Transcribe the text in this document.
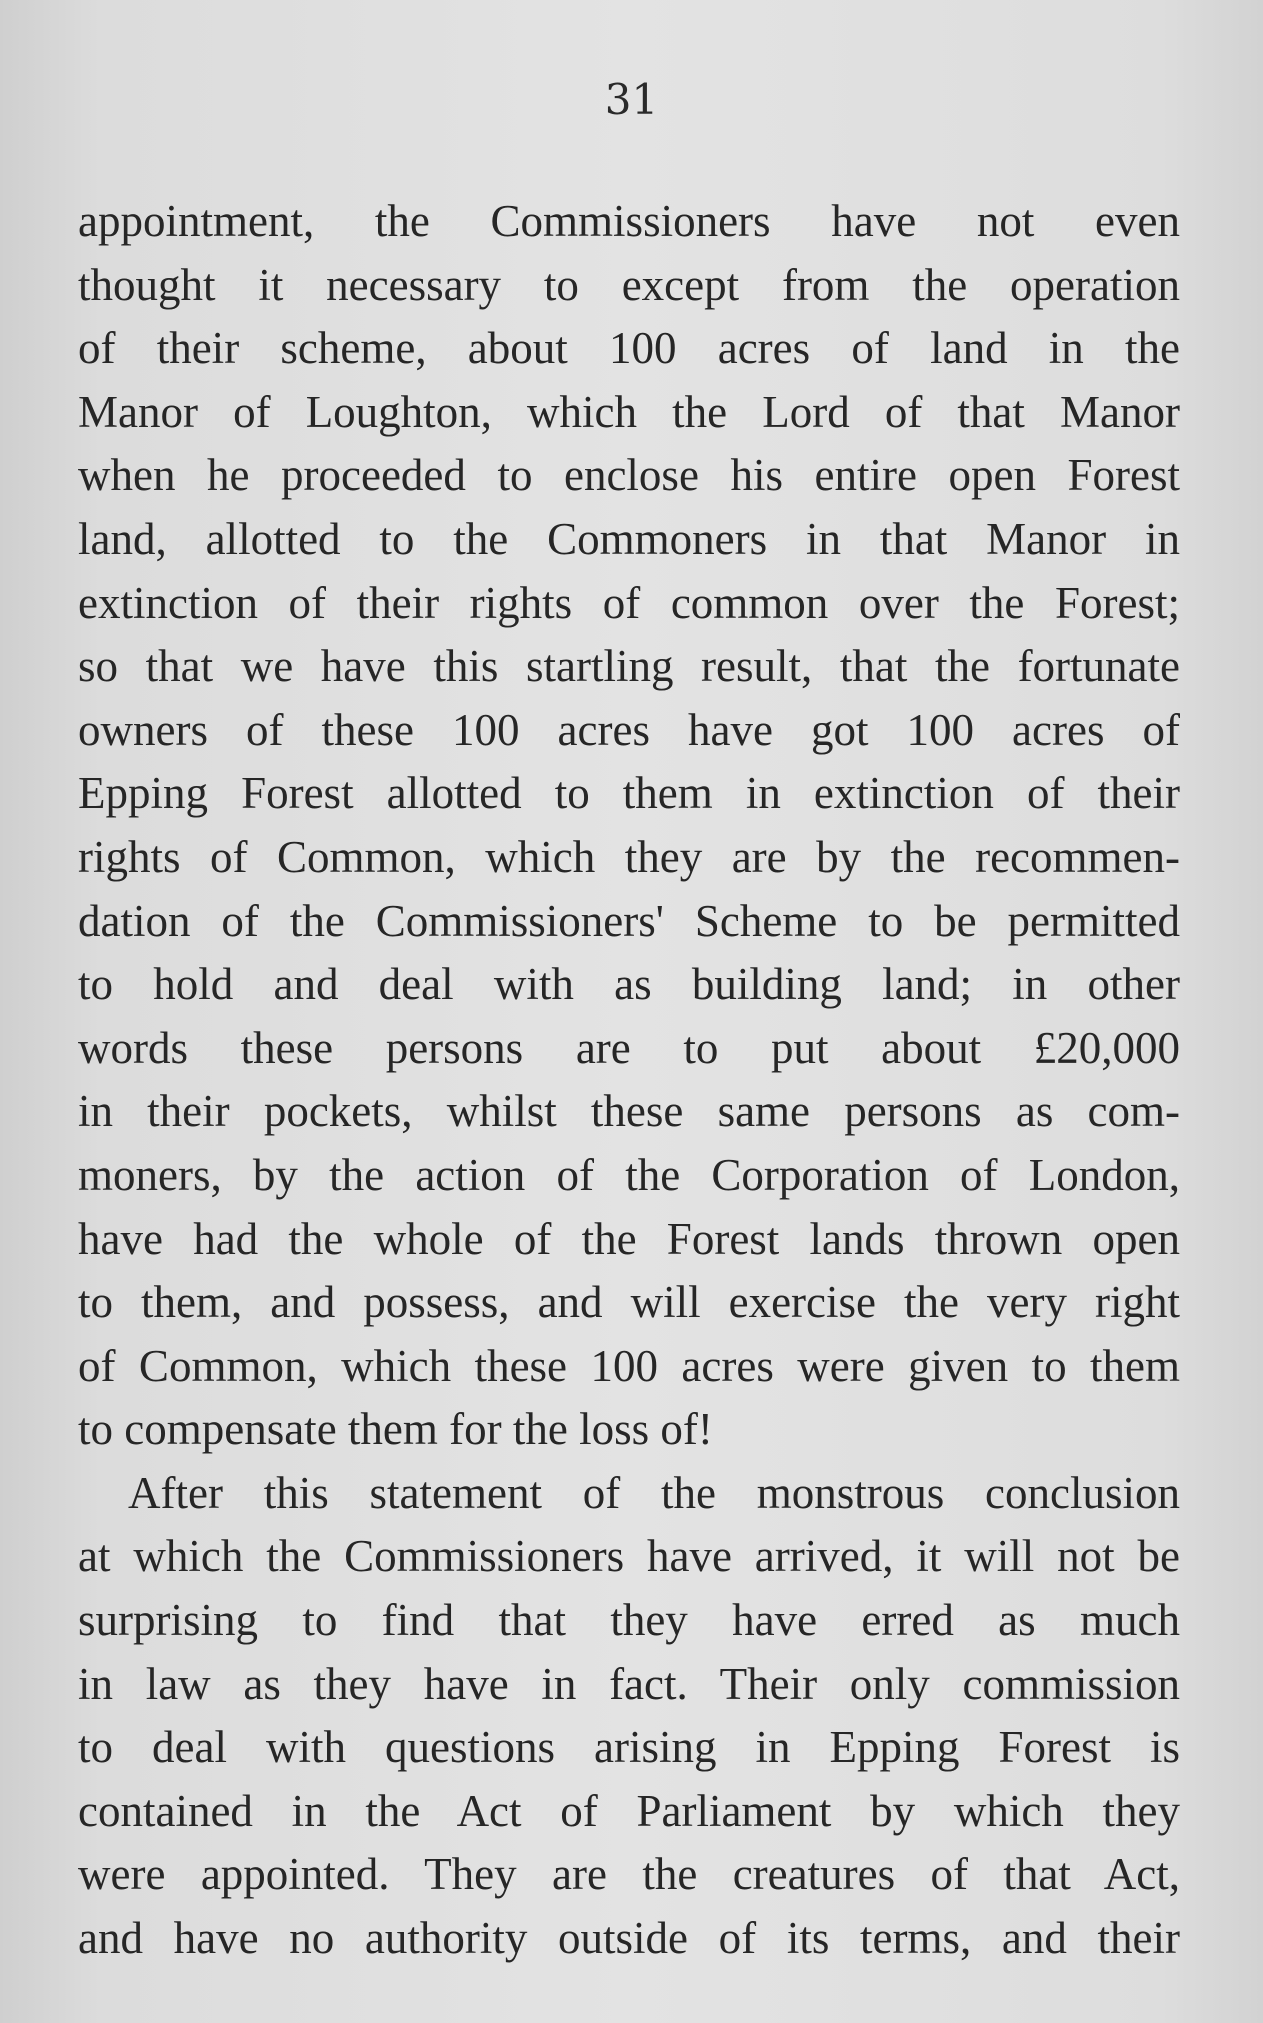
31
appointment, the Commissioners have not even
thought it necessary to except from the operation
of their scheme, about 100 acres of land in the
Manor of Loughton, which the Lord of that Manor
when he proceeded to enclose his entire open Forest
land, allotted to the Commoners in that Manor in
extinction of their rights of common over the Forest;
so that we have this startling result, that the fortunate
owners of these 100 acres have got 100 acres of
Epping Forest allotted to them in extinction of their
rights of Common, which they are by the recommen-
dation of the Commissioners' Scheme to be permitted
to hold and deal with as building land; in other
words these persons are to put about £20,000
in their pockets, whilst these same persons as com-
moners, by the action of the Corporation of London,
have had the whole of the Forest lands thrown open
to them, and possess, and will exercise the very right
of Common, which these 100 acres were given to them
to compensate them for the loss of!
After this statement of the monstrous conclusion
at which the Commissioners have arrived, it will not be
surprising to find that they have erred as much
in law as they have in fact. Their only commission
to deal with questions arising in Epping Forest is
contained in the Act of Parliament by which they
were appointed. They are the creatures of that Act,
and have no authority outside of its terms, and their
